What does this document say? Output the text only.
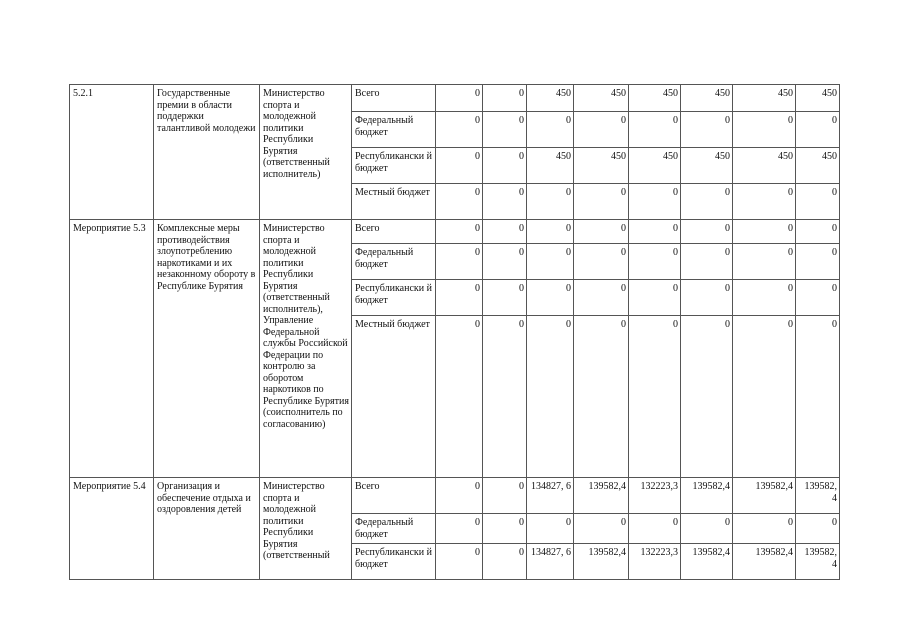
5.2.1	Государственные премии в области поддержки талантливой молодежи	Министерство спорта и молодежной политики Республики Бурятия (ответственный исполнитель)	Всего	0	0	450	450	450	450	450	450
			Федеральный бюджет	0	0	0	0	0	0	0	0
			Республикански й бюджет	0	0	450	450	450	450	450	450
			Местный бюджет	0	0	0	0	0	0	0	0
Мероприятие 5.3	Комплексные меры противодействия злоупотреблению наркотиками и их незаконному обороту в Республике Бурятия	Министерство спорта и молодежной политики Республики Бурятия (ответственный исполнитель), Управление Федеральной службы Российской Федерации по контролю за оборотом наркотиков по Республике Бурятия (соисполнитель по согласованию)	Всего	0	0	0	0	0	0	0	0
			Федеральный бюджет	0	0	0	0	0	0	0	0
			Республикански й бюджет	0	0	0	0	0	0	0	0
			Местный бюджет	0	0	0	0	0	0	0	0
Мероприятие 5.4	Организация и обеспечение отдыха и оздоровления детей	Министерство спорта и молодежной политики Республики Бурятия (ответственный	Всего	0	0	134827, 6	139582,4	132223,3	139582,4	139582,4	139582, 4
			Федеральный бюджет	0	0	0	0	0	0	0	0
			Республикански й бюджет	0	0	134827, 6	139582,4	132223,3	139582,4	139582,4	139582, 4
